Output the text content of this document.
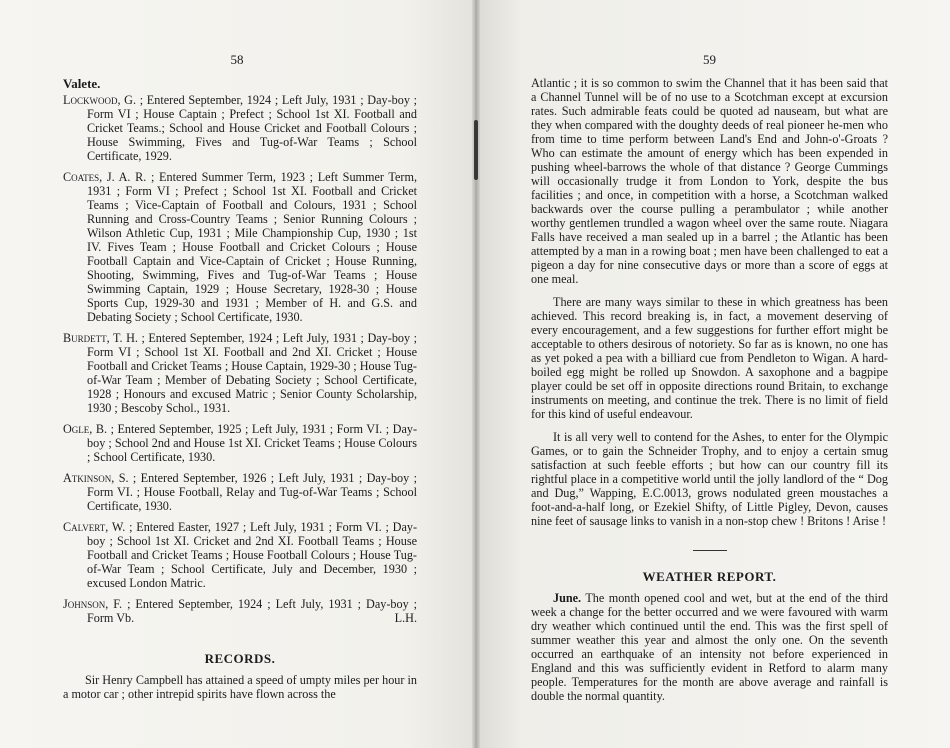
58
Valete.

Lockwood, G. ; Entered September, 1924 ; Left July, 1931 ; Day-boy ; Form VI ; House Captain ; Prefect ; School 1st XI. Football and Cricket Teams.; School and House Cricket and Football Colours ; House Swimming, Fives and Tug-of-War Teams ; School Certificate, 1929.

Coates, J. A. R. ; Entered Summer Term, 1923 ; Left Summer Term, 1931 ; Form VI ; Prefect ; School 1st XI. Football and Cricket Teams ; Vice-Captain of Football and Colours, 1931 ; School Running and Cross-Country Teams ; Senior Running Colours ; Wilson Athletic Cup, 1931 ; Mile Championship Cup, 1930 ; 1st IV. Fives Team ; House Football and Cricket Colours ; House Football Captain and Vice-Captain of Cricket ; House Running, Shooting, Swimming, Fives and Tug-of-War Teams ; House Swimming Captain, 1929 ; House Secretary, 1928-30 ; House Sports Cup, 1929-30 and 1931 ; Member of H. and G.S. and Debating Society ; School Certificate, 1930.

Burdett, T. H. ; Entered September, 1924 ; Left July, 1931 ; Day-boy ; Form VI ; School 1st XI. Football and 2nd XI. Cricket ; House Football and Cricket Teams ; House Captain, 1929-30 ; House Tug-of-War Team ; Member of Debating Society ; School Certificate, 1928 ; Honours and excused Matric ; Senior County Scholarship, 1930 ; Bescoby Schol., 1931.

Ogle, B. ; Entered September, 1925 ; Left July, 1931 ; Form VI. ; Day-boy ; School 2nd and House 1st XI. Cricket Teams ; House Colours ; School Certificate, 1930.

Atkinson, S. ; Entered September, 1926 ; Left July, 1931 ; Day-boy ; Form VI. ; House Football, Relay and Tug-of-War Teams ; School Certificate, 1930.

Calvert, W. ; Entered Easter, 1927 ; Left July, 1931 ; Form VI. ; Day-boy ; School 1st XI. Cricket and 2nd XI. Football Teams ; House Football and Cricket Teams ; House Football Colours ; House Tug-of-War Team ; School Certificate, July and December, 1930 ; excused London Matric.

Johnson, F. ; Entered September, 1924 ; Left July, 1931 ; Day-boy ; Form Vb.	L.H.
RECORDS.

Sir Henry Campbell has attained a speed of umpty miles per hour in a motor car ; other intrepid spirits have flown across the

59

Atlantic ; it is so common to swim the Channel that it has been said that a Channel Tunnel will be of no use to a Scotchman except at excursion rates. Such admirable feats could be quoted ad nauseam, but what are they when compared with the doughty deeds of real pioneer he-men who from time to time perform between Land's End and John-o'-Groats ? Who can estimate the amount of energy which has been expended in pushing wheel-barrows the whole of that distance ? George Cummings will occasionally trudge it from London to York, despite the bus facilities ; and once, in competition with a horse, a Scotchman walked backwards over the course pulling a perambulator ; while another worthy gentlemen trundled a wagon wheel over the same route. Niagara Falls have received a man sealed up in a barrel ; the Atlantic has been attempted by a man in a rowing boat ; men have been challenged to eat a pigeon a day for nine consecutive days or more than a score of eggs at one meal.

There are many ways similar to these in which greatness has been achieved. This record breaking is, in fact, a movement deserving of every encouragement, and a few suggestions for further effort might be acceptable to others desirous of notoriety. So far as is known, no one has as yet poked a pea with a billiard cue from Pendleton to Wigan. A hard-boiled egg might be rolled up Snowdon. A saxophone and a bagpipe player could be set off in opposite directions round Britain, to exchange instruments on meeting, and continue the trek. There is no limit of field for this kind of useful endeavour.

It is all very well to contend for the Ashes, to enter for the Olympic Games, or to gain the Schneider Trophy, and to enjoy a certain smug satisfaction at such feeble efforts ; but how can our country fill its rightful place in a competitive world until the jolly landlord of the “ Dog and Dug,” Wapping, E.C.0013, grows nodulated green moustaches a foot-and-a-half long, or Ezekiel Shifty, of Little Pigley, Devon, causes nine feet of sausage links to vanish in a non-stop chew ! Britons ! Arise !

WEATHER REPORT.

June. The month opened cool and wet, but at the end of the third week a change for the better occurred and we were favoured with warm dry weather which continued until the end. This was the first spell of summer weather this year and almost the only one. On the seventh occurred an earthquake of an intensity not before experienced in England and this was sufficiently evident in Retford to alarm many people. Temperatures for the month are above average and rainfall is double the normal quantity.
